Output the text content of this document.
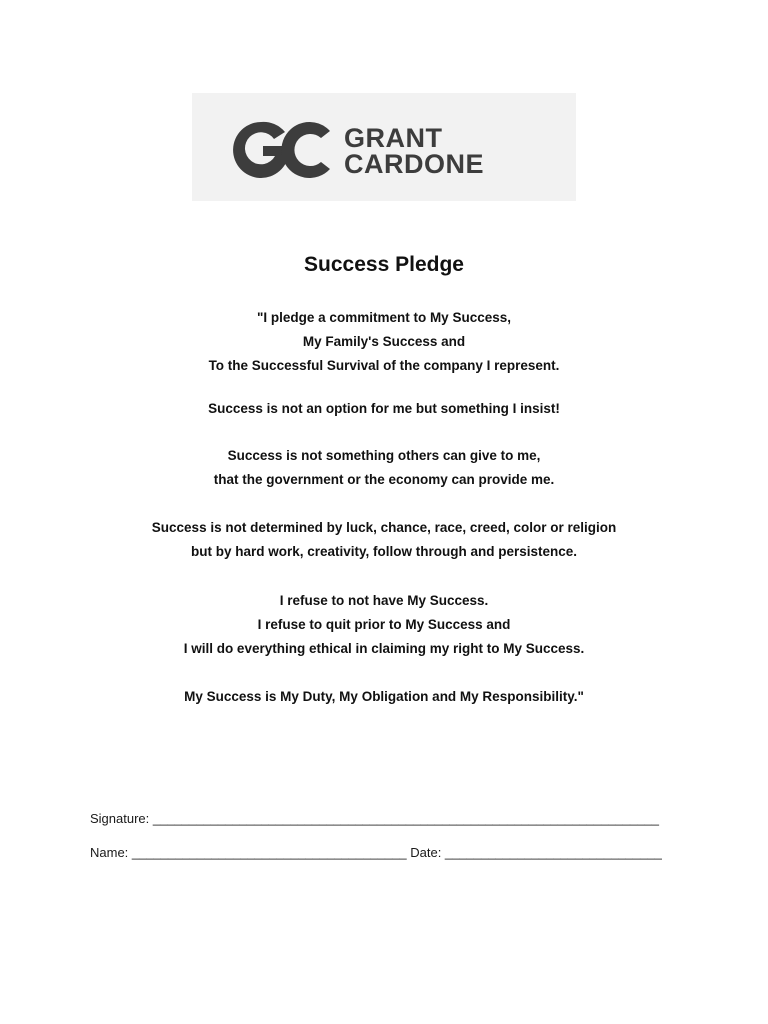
GRANT
CARDONE
Success Pledge
"I pledge a commitment to My Success,
My Family's Success and
To the Successful Survival of the company I represent.
Success is not an option for me but something I insist!
Success is not something others can give to me,
that the government or the economy can provide me.
Success is not determined by luck, chance, race, creed, color or religion
but by hard work, creativity, follow through and persistence.
I refuse to not have My Success.
I refuse to quit prior to My Success and
I will do everything ethical in claiming my right to My Success.
My Success is My Duty, My Obligation and My Responsibility."
Signature: ______________________________________________________________________
Name: ______________________________________ Date: ______________________________
